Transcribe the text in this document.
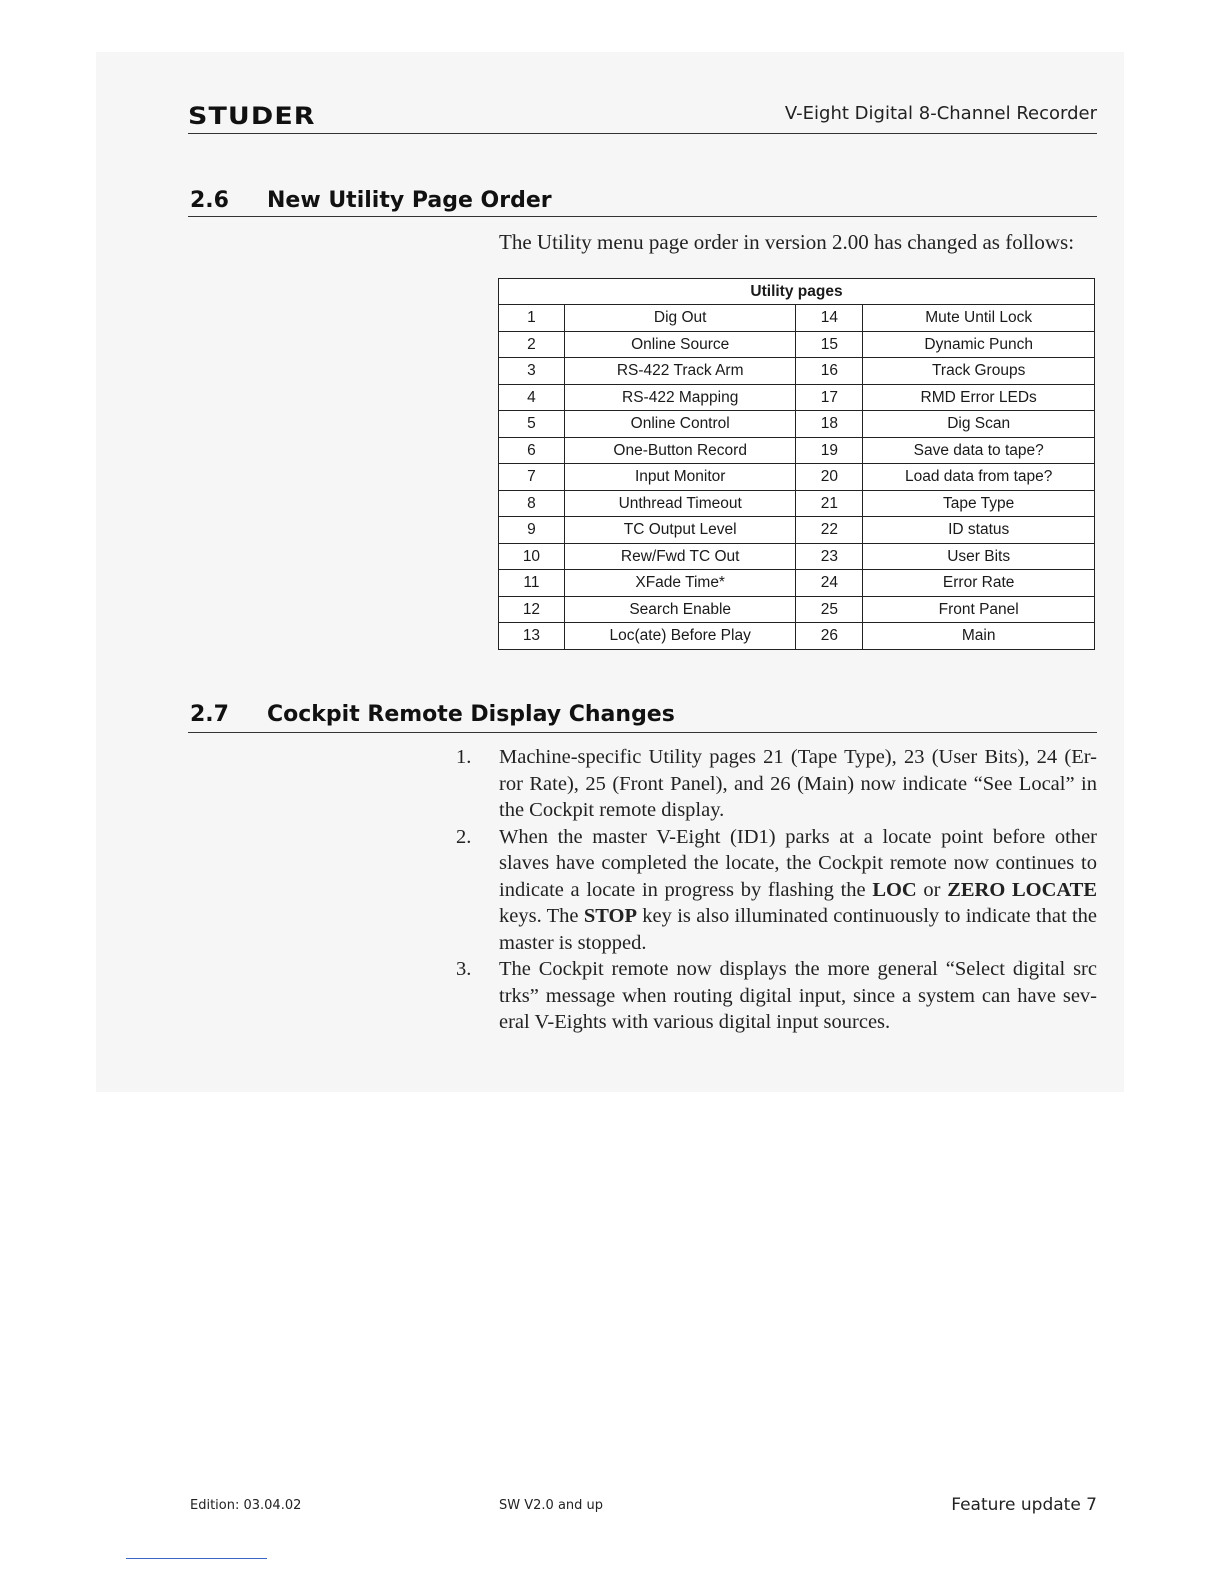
STUDER	V-Eight Digital 8-Channel Recorder
2.6 New Utility Page Order
The Utility menu page order in version 2.00 has changed as follows:
Utility pages			
1	Dig Out	14	Mute Until Lock
2	Online Source	15	Dynamic Punch
3	RS-422 Track Arm	16	Track Groups
4	RS-422 Mapping	17	RMD Error LEDs
5	Online Control	18	Dig Scan
6	One-Button Record	19	Save data to tape?
7	Input Monitor	20	Load data from tape?
8	Unthread Timeout	21	Tape Type
9	TC Output Level	22	ID status
10	Rew/Fwd TC Out	23	User Bits
11	XFade Time*	24	Error Rate
12	Search Enable	25	Front Panel
13	Loc(ate) Before Play	26	Main
2.7 Cockpit Remote Display Changes
1. Machine-specific Utility pages 21 (Tape Type), 23 (User Bits), 24 (Er-ror Rate), 25 (Front Panel), and 26 (Main) now indicate “See Local” in the Cockpit remote display.
2. When the master V-Eight (ID1) parks at a locate point before other slaves have completed the locate, the Cockpit remote now continues to indicate a locate in progress by flashing the LOC or ZERO LOCATE keys. The STOP key is also illuminated continuously to indicate that the master is stopped.
3. The Cockpit remote now displays the more general “Select digital src trks” message when routing digital input, since a system can have sev-eral V-Eights with various digital input sources.
Edition: 03.04.02	SW V2.0 and up	Feature update 7
